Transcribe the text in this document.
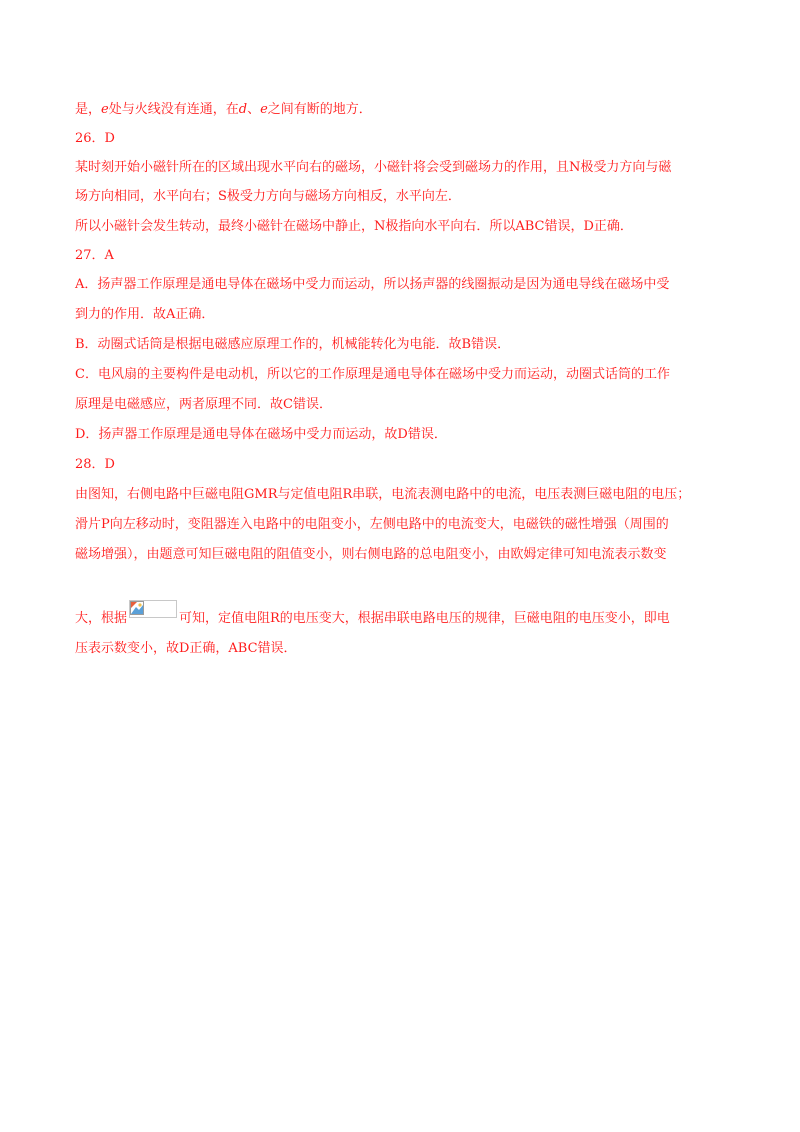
是，e处与火线没有连通，在d、e之间有断的地方．
26．D
某时刻开始小磁针所在的区域出现水平向右的磁场，小磁针将会受到磁场力的作用，且N极受力方向与磁
场方向相同，水平向右；S极受力方向与磁场方向相反，水平向左．
所以小磁针会发生转动，最终小磁针在磁场中静止，N极指向水平向右．所以ABC错误，D正确．
27．A
A．扬声器工作原理是通电导体在磁场中受力而运动，所以扬声器的线圈振动是因为通电导线在磁场中受
到力的作用．故A正确．
B．动圈式话筒是根据电磁感应原理工作的，机械能转化为电能．故B错误．
C．电风扇的主要构件是电动机，所以它的工作原理是通电导体在磁场中受力而运动，动圈式话筒的工作
原理是电磁感应，两者原理不同．故C错误．
D．扬声器工作原理是通电导体在磁场中受力而运动，故D错误．
28．D
由图知，右侧电路中巨磁电阻GMR与定值电阻R串联，电流表测电路中的电流，电压表测巨磁电阻的电压；
滑片P向左移动时，变阻器连入电路中的电阻变小，左侧电路中的电流变大，电磁铁的磁性增强（周围的
磁场增强），由题意可知巨磁电阻的阻值变小，则右侧电路的总电阻变小，由欧姆定律可知电流表示数变
大，根据	可知，定值电阻R的电压变大，根据串联电路电压的规律，巨磁电阻的电压变小，即电
压表示数变小，故D正确，ABC错误．
